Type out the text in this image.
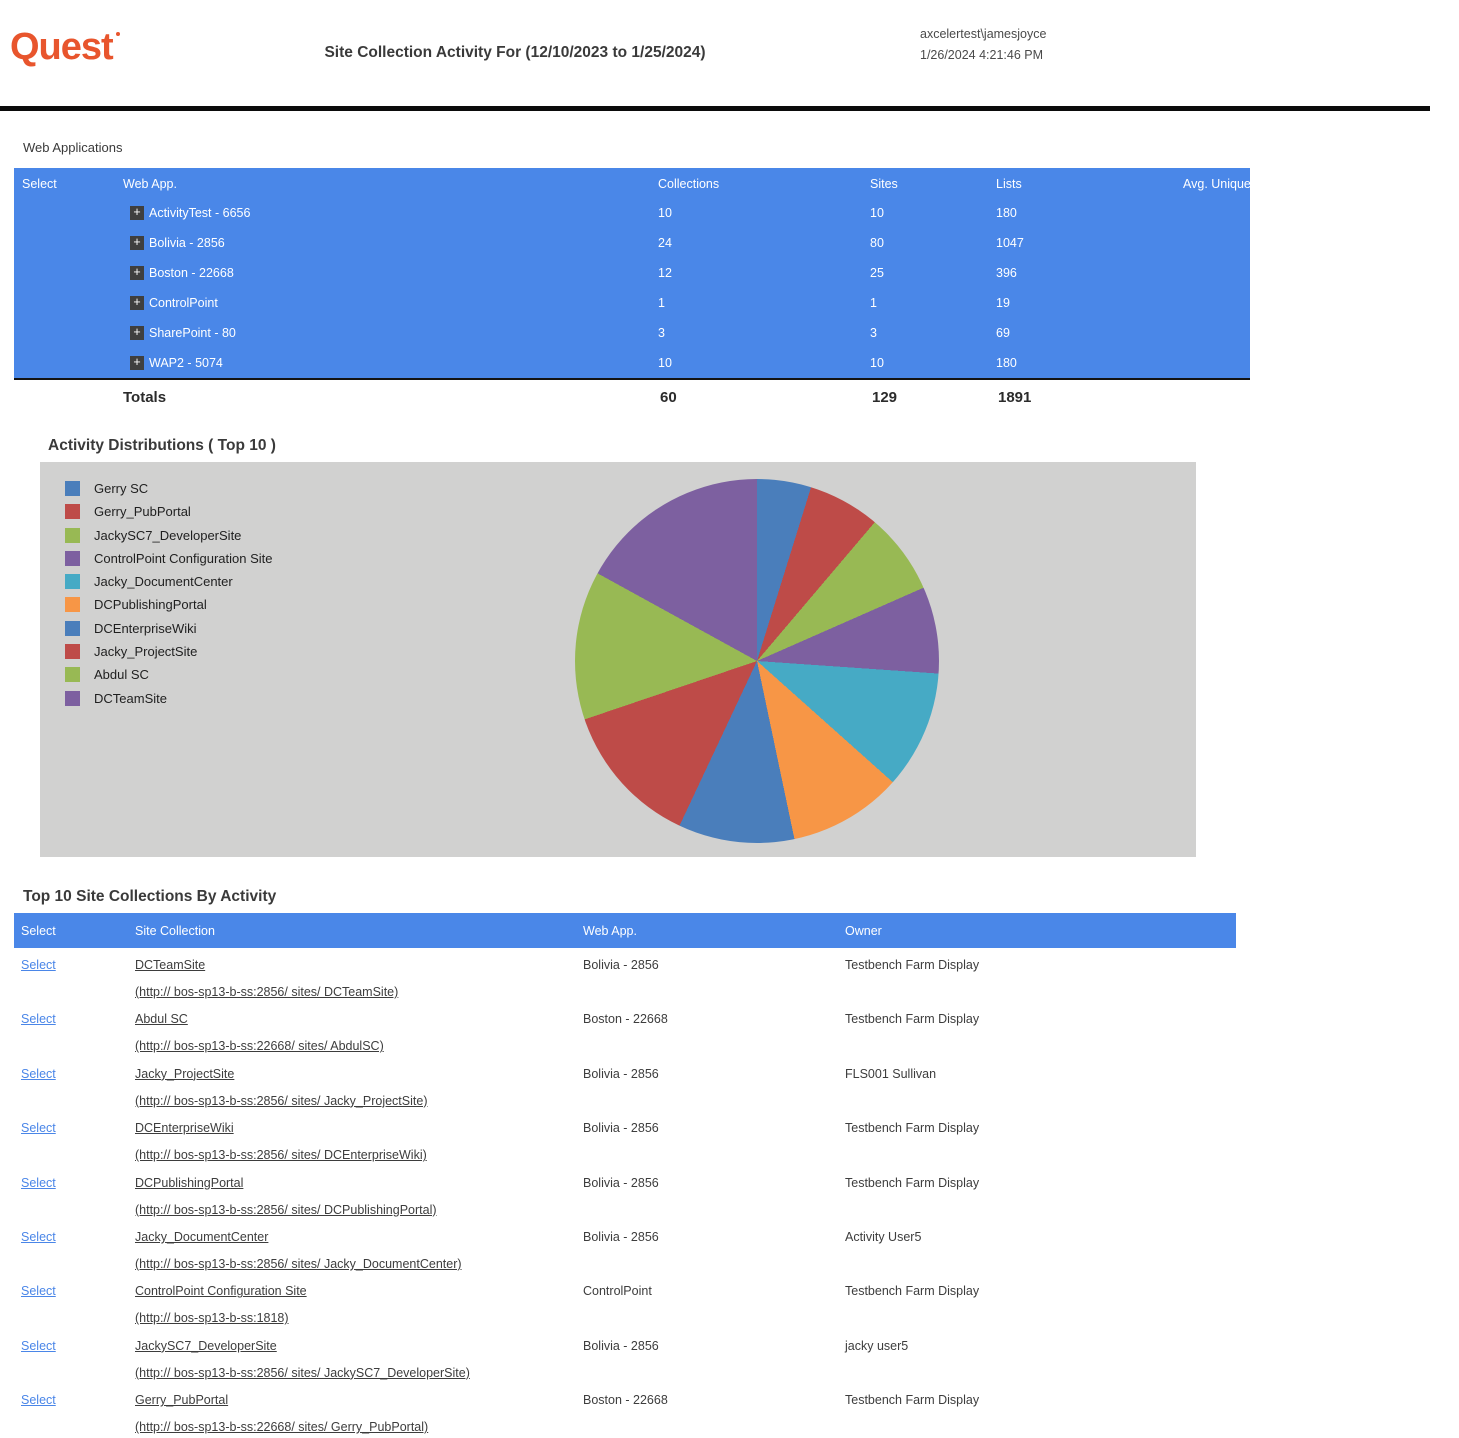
Quest	Site Collection Activity For (12/10/2023 to 1/25/2024)
axcelertest\jamesjoyce
1/26/2024 4:21:46 PM
Web Applications
Select	Web App.	Collections	Sites	Lists	Avg. Unique
+ ActivityTest - 6656	10	10	180
+ Bolivia - 2856	24	80	1047
+ Boston - 22668	12	25	396
+ ControlPoint	1	1	19
+ SharePoint - 80	3	3	69
+ WAP2 - 5074	10	10	180
Totals	60	129	1891
Activity Distributions ( Top 10 )
Gerry SC
Gerry_PubPortal
JackySC7_DeveloperSite
ControlPoint Configuration Site
Jacky_DocumentCenter
DCPublishingPortal
DCEnterpriseWiki
Jacky_ProjectSite
Abdul SC
DCTeamSite
Top 10 Site Collections By Activity
Select	Site Collection	Web App.	Owner
Select	DCTeamSite
(http:// bos-sp13-b-ss:2856/ sites/ DCTeamSite)
Bolivia - 2856	Testbench Farm Display
Select	Abdul SC
(http:// bos-sp13-b-ss:22668/ sites/ AbdulSC)
Boston - 22668	Testbench Farm Display
Select	Jacky_ProjectSite
(http:// bos-sp13-b-ss:2856/ sites/ Jacky_ProjectSite)
Bolivia - 2856	FLS001 Sullivan
Select	DCEnterpriseWiki
(http:// bos-sp13-b-ss:2856/ sites/ DCEnterpriseWiki)
Bolivia - 2856	Testbench Farm Display
Select	DCPublishingPortal
(http:// bos-sp13-b-ss:2856/ sites/ DCPublishingPortal)
Bolivia - 2856	Testbench Farm Display
Select	Jacky_DocumentCenter
(http:// bos-sp13-b-ss:2856/ sites/ Jacky_DocumentCenter)
Bolivia - 2856	Activity User5
Select	ControlPoint Configuration Site
(http:// bos-sp13-b-ss:1818)
ControlPoint	Testbench Farm Display
Select	JackySC7_DeveloperSite
(http:// bos-sp13-b-ss:2856/ sites/ JackySC7_DeveloperSite)
Bolivia - 2856	jacky user5
Select	Gerry_PubPortal
(http:// bos-sp13-b-ss:22668/ sites/ Gerry_PubPortal)
Boston - 22668	Testbench Farm Display
